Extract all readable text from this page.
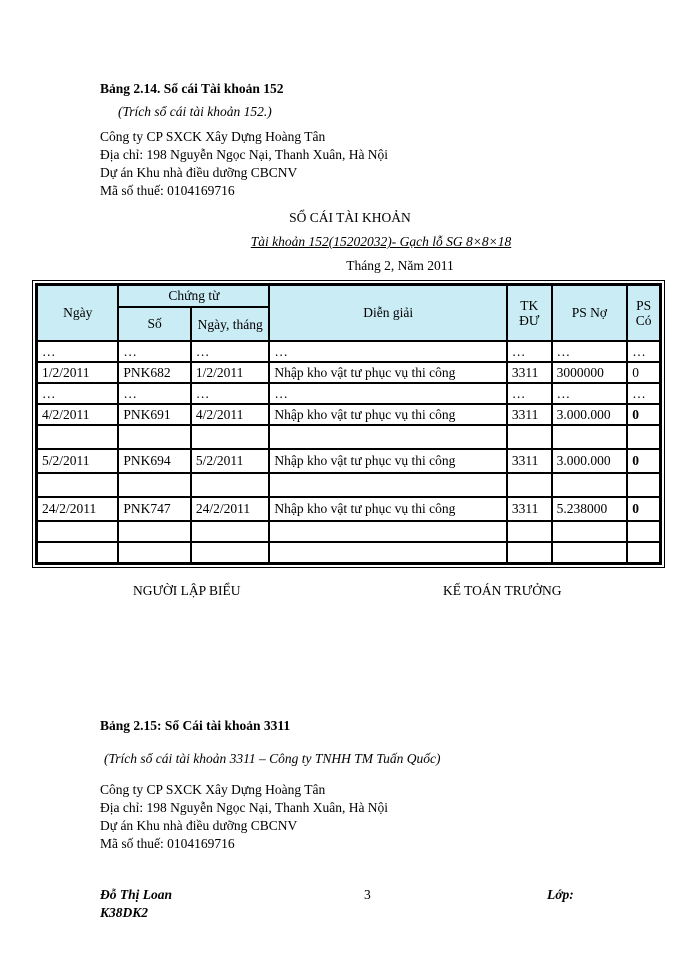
Bảng 2.14. Sổ cái Tài khoản 152
(Trích sổ cái tài khoản 152.)
Công ty CP SXCK Xây Dựng Hoàng Tân
Địa chỉ: 198 Nguyễn Ngọc Nại, Thanh Xuân, Hà Nội
Dự án Khu nhà điều dưỡng CBCNV
Mã số thuế: 0104169716
SỔ CÁI TÀI KHOẢN
Tài khoản 152(15202032)- Gạch lỗ SG 8×8×18
Tháng 2, Năm 2011
Ngày	Chứng từ		Diễn giải	TK ĐƯ	PS Nợ	PS Có
	Số	Ngày, tháng				
…	…	…	…	…	…	…
1/2/2011	PNK682	1/2/2011	Nhập kho vật tư phục vụ thi công	3311	3000000	0
…	…	…	…	…	…	…
4/2/2011	PNK691	4/2/2011	Nhập kho vật tư phục vụ thi công	3311	3.000.000	0

5/2/2011	PNK694	5/2/2011	Nhập kho vật tư phục vụ thi công	3311	3.000.000	0

24/2/2011	PNK747	24/2/2011	Nhập kho vật tư phục vụ thi công	3311	5.238000	0

NGƯỜI LẬP BIỂU	KẾ TOÁN TRƯỞNG
Bảng 2.15: Sổ Cái tài khoản 3311
(Trích sổ cái tài khoản 3311 – Công ty TNHH TM Tuấn Quốc)
Công ty CP SXCK Xây Dựng Hoàng Tân
Địa chỉ: 198 Nguyễn Ngọc Nại, Thanh Xuân, Hà Nội
Dự án Khu nhà điều dưỡng CBCNV
Mã số thuế: 0104169716
Đỗ Thị Loan
K38DK2
3	Lớp:
